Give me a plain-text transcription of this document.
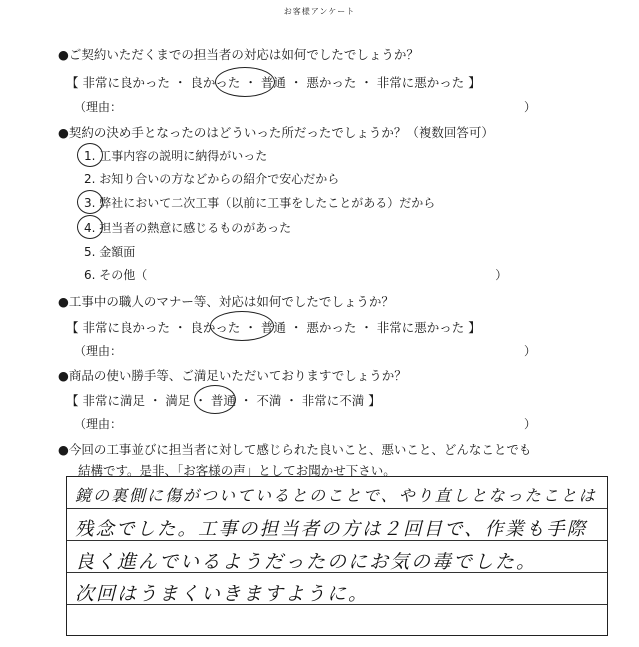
お客様アンケート
●ご契約いただくまでの担当者の対応は如何でしたでしょうか？
【 非常に良かった ・ 良かった ・ 普通 ・ 悪かった ・ 非常に悪かった 】
（理由：　　　　　　　　　　　　　　　　　　　　　　　　　　　　　　　　　　）
●契約の決め手となったのはどういった所だったでしょうか？（複数回答可）
1. 工事内容の説明に納得がいった
2. お知り合いの方などからの紹介で安心だから
3. 弊社において二次工事（以前に工事をしたことがある）だから
4. 担当者の熱意に感じるものがあった
5. 金額面
6. その他（　　　　　　　　　　　　　　　　　　　　　　　　　　　　　）
●工事中の職人のマナー等、対応は如何でしたでしょうか？
【 非常に良かった ・ 良かった ・ 普通 ・ 悪かった ・ 非常に悪かった 】
（理由：　　　　　　　　　　　　　　　　　　　　　　　　　　　　　　　　　　）
●商品の使い勝手等、ご満足いただいておりますでしょうか？
【 非常に満足 ・ 満足 ・ 普通 ・ 不満 ・ 非常に不満 】
（理由：　　　　　　　　　　　　　　　　　　　　　　　　　　　　　　　　　　）
●今回の工事並びに担当者に対して感じられた良いこと、悪いこと、どんなことでも
結構です。是非、「お客様の声」としてお聞かせ下さい。
鏡の裏側に傷がついているとのことで、やり直しとなったことは
残念でした。工事の担当者の方は２回目で、作業も手際
良く進んでいるようだったのにお気の毒でした。
次回はうまくいきますように。
